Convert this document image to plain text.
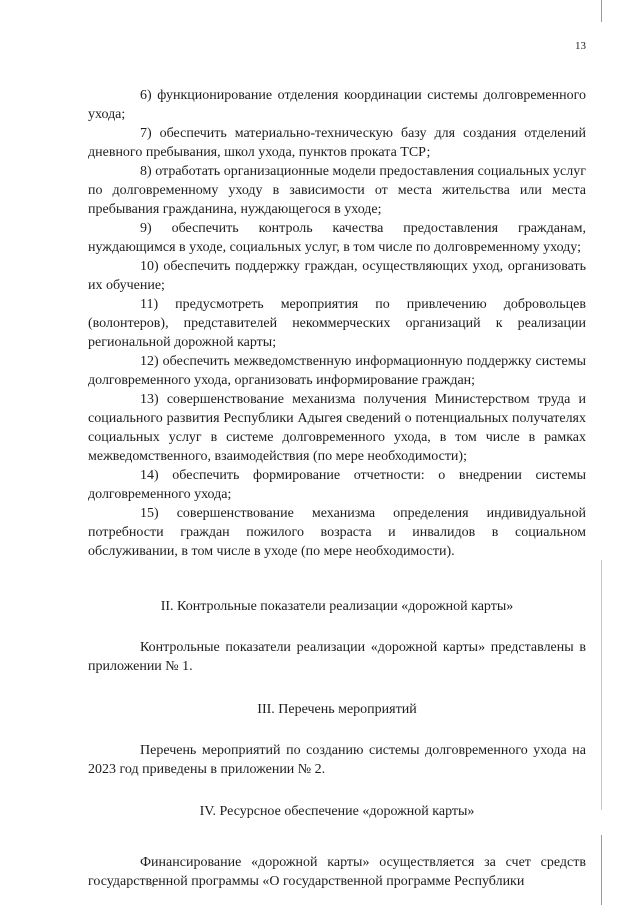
13

6) функционирование отделения координации системы долговременного ухода;

7) обеспечить материально-техническую базу для создания отделений дневного пребывания, школ ухода, пунктов проката ТСР;

8) отработать организационные модели предоставления социальных услуг по долговременному уходу в зависимости от места жительства или места пребывания гражданина, нуждающегося в уходе;

9) обеспечить контроль качества предоставления гражданам, нуждающимся в уходе, социальных услуг, в том числе по долговременному уходу;

10) обеспечить поддержку граждан, осуществляющих уход, организовать их обучение;

11) предусмотреть мероприятия по привлечению добровольцев (волонтеров), представителей некоммерческих организаций к реализации региональной дорожной карты;

12) обеспечить межведомственную информационную поддержку системы долговременного ухода, организовать информирование граждан;

13) совершенствование механизма получения Министерством труда и социального развития Республики Адыгея сведений о потенциальных получателях социальных услуг в системе долговременного ухода, в том числе в рамках межведомственного, взаимодействия (по мере необходимости);

14) обеспечить формирование отчетности: о внедрении системы долговременного ухода;

15) совершенствование механизма определения индивидуальной потребности граждан пожилого возраста и инвалидов в социальном обслуживании, в том числе в уходе (по мере необходимости).

II. Контрольные показатели реализации «дорожной карты»

Контрольные показатели реализации «дорожной карты» представлены в приложении № 1.

III. Перечень мероприятий

Перечень мероприятий по созданию системы долговременного ухода на 2023 год приведены в приложении № 2.

IV. Ресурсное обеспечение «дорожной карты»

Финансирование «дорожной карты» осуществляется за счет средств государственной программы «О государственной программе Республики
